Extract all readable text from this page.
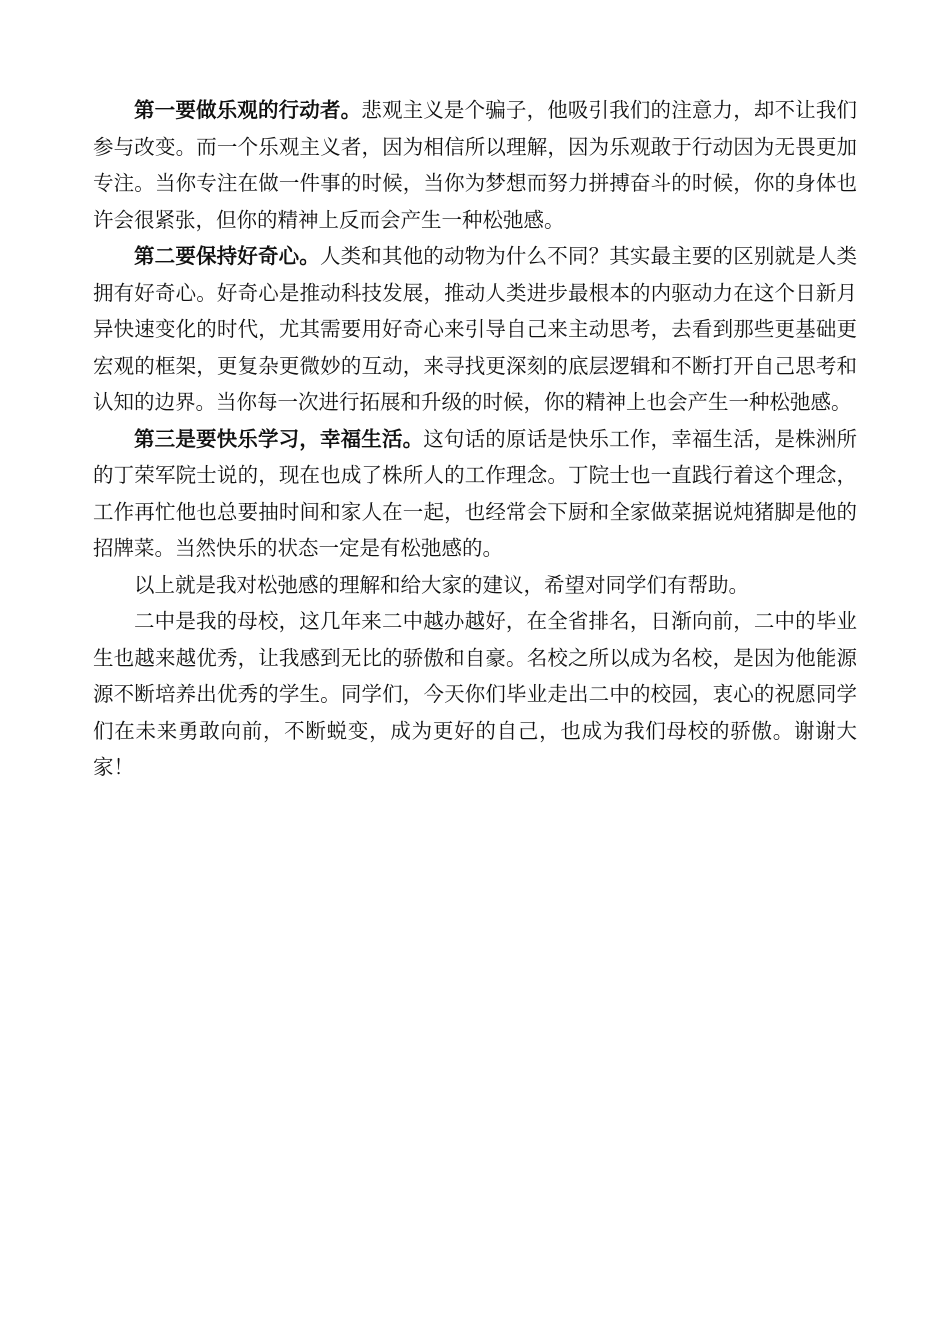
第一要做乐观的行动者。悲观主义是个骗子，他吸引我们的注意力，却不让我们参与改变。而一个乐观主义者，因为相信所以理解，因为乐观敢于行动因为无畏更加专注。当你专注在做一件事的时候，当你为梦想而努力拼搏奋斗的时候，你的身体也许会很紧张，但你的精神上反而会产生一种松弛感。

第二要保持好奇心。人类和其他的动物为什么不同？其实最主要的区别就是人类拥有好奇心。好奇心是推动科技发展，推动人类进步最根本的内驱动力在这个日新月异快速变化的时代，尤其需要用好奇心来引导自己来主动思考，去看到那些更基础更宏观的框架，更复杂更微妙的互动，来寻找更深刻的底层逻辑和不断打开自己思考和认知的边界。当你每一次进行拓展和升级的时候，你的精神上也会产生一种松弛感。

第三是要快乐学习，幸福生活。这句话的原话是快乐工作，幸福生活，是株洲所的丁荣军院士说的，现在也成了株所人的工作理念。丁院士也一直践行着这个理念，工作再忙他也总要抽时间和家人在一起，也经常会下厨和全家做菜据说炖猪脚是他的招牌菜。当然快乐的状态一定是有松弛感的。

以上就是我对松弛感的理解和给大家的建议，希望对同学们有帮助。

二中是我的母校，这几年来二中越办越好，在全省排名，日渐向前，二中的毕业生也越来越优秀，让我感到无比的骄傲和自豪。名校之所以成为名校，是因为他能源源不断培养出优秀的学生。同学们，今天你们毕业走出二中的校园，衷心的祝愿同学们在未来勇敢向前，不断蜕变，成为更好的自己，也成为我们母校的骄傲。谢谢大家！
